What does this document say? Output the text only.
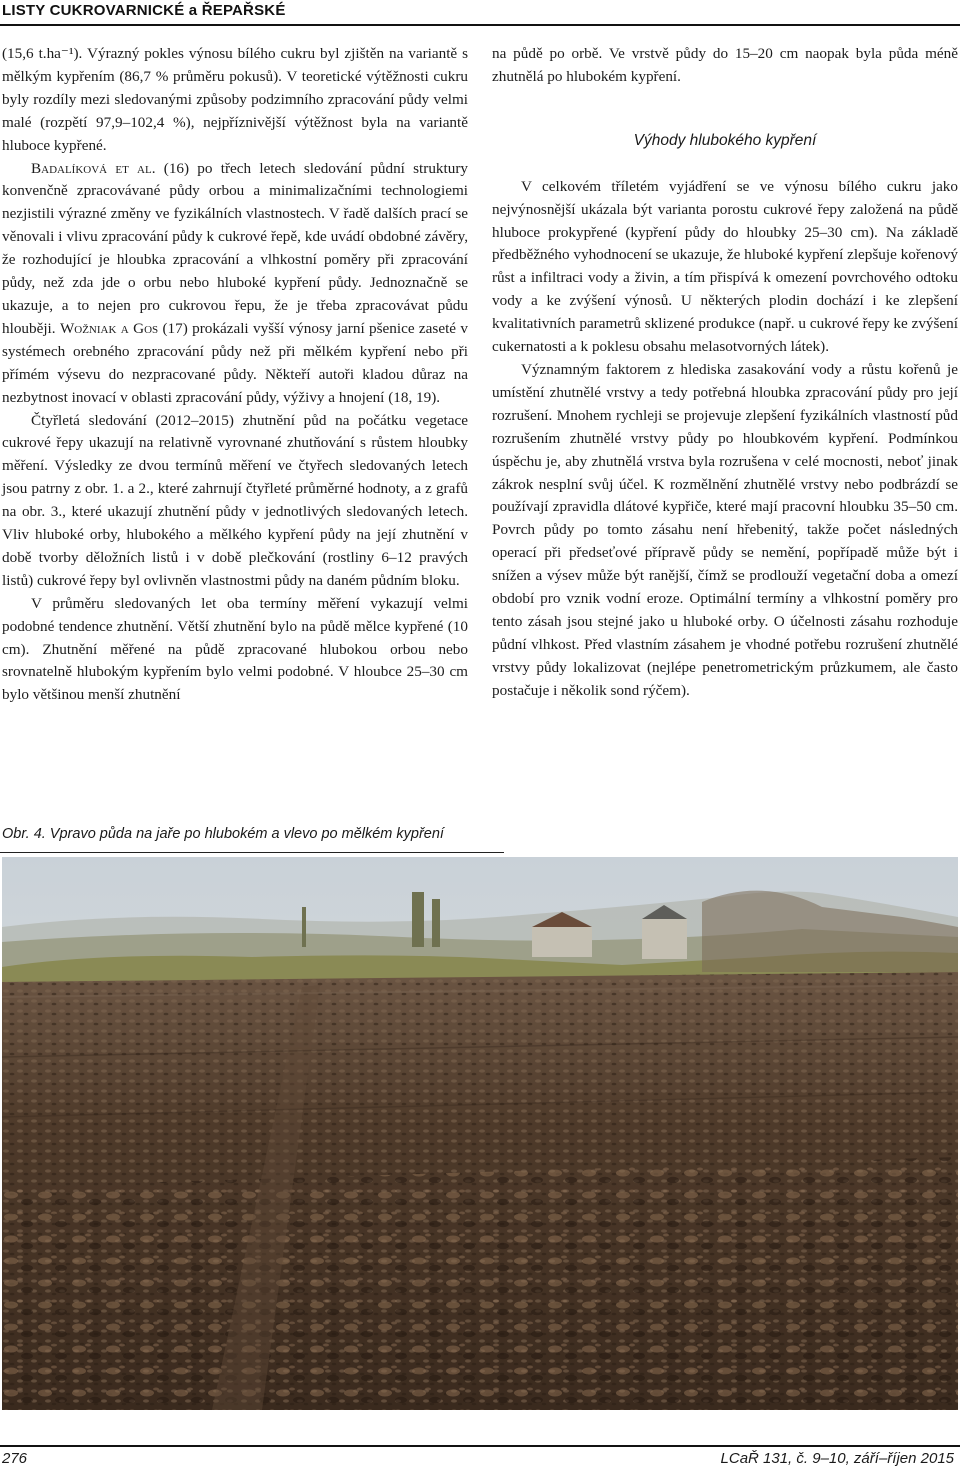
LISTY CUKROVARNICKÉ a ŘEPAŘSKÉ

(15,6 t.ha⁻¹). Výrazný pokles výnosu bílého cukru byl zjištěn na variantě s mělkým kypřením (86,7 % průměru pokusů). V teoretické výtěžnosti cukru byly rozdíly mezi sledovanými způsoby podzimního zpracování půdy velmi malé (rozpětí 97,9–102,4 %), nejpříznivější výtěžnost byla na variantě hluboce kypřené.

Badalíková et al. (16) po třech letech sledování půdní struktury konvenčně zpracovávané půdy orbou a minimalizačními technologiemi nezjistili výrazné změny ve fyzikálních vlastnostech. V řadě dalších prací se věnovali i vlivu zpracování půdy k cukrové řepě, kde uvádí obdobné závěry, že rozhodující je hloubka zpracování a vlhkostní poměry při zpracování půdy, než zda jde o orbu nebo hluboké kypření půdy. Jednoznačně se ukazuje, a to nejen pro cukrovou řepu, že je třeba zpracovávat půdu hlouběji. Wožniak a Gos (17) prokázali vyšší výnosy jarní pšenice zaseté v systémech orebného zpracování půdy než při mělkém kypření nebo při přímém výsevu do nezpracované půdy. Někteří autoři kladou důraz na nezbytnost inovací v oblasti zpracování půdy, výživy a hnojení (18, 19).

Čtyřletá sledování (2012–2015) zhutnění půd na počátku vegetace cukrové řepy ukazují na relativně vyrovnané zhutňování s růstem hloubky měření. Výsledky ze dvou termínů měření ve čtyřech sledovaných letech jsou patrny z obr. 1. a 2., které zahrnují čtyřleté průměrné hodnoty, a z grafů na obr. 3., které ukazují zhutnění půdy v jednotlivých sledovaných letech. Vliv hluboké orby, hlubokého a mělkého kypření půdy na její zhutnění v době tvorby děložních listů i v době plečkování (rostliny 6–12 pravých listů) cukrové řepy byl ovlivněn vlastnostmi půdy na daném půdním bloku.

V průměru sledovaných let oba termíny měření vykazují velmi podobné tendence zhutnění. Větší zhutnění bylo na půdě mělce kypřené (10 cm). Zhutnění měřené na půdě zpracované hlubokou orbou nebo srovnatelně hlubokým kypřením bylo velmi podobné. V hloubce 25–30 cm bylo většinou menší zhutnění

na půdě po orbě. Ve vrstvě půdy do 15–20 cm naopak byla půda méně zhutnělá po hlubokém kypření.

Výhody hlubokého kypření

V celkovém tříletém vyjádření se ve výnosu bílého cukru jako nejvýnosnější ukázala být varianta porostu cukrové řepy založená na půdě hluboce prokypřené (kypření půdy do hloubky 25–30 cm). Na základě předběžného vyhodnocení se ukazuje, že hluboké kypření zlepšuje kořenový růst a infiltraci vody a živin, a tím přispívá k omezení povrchového odtoku vody a ke zvýšení výnosů. U některých plodin dochází i ke zlepšení kvalitativních parametrů sklizené produkce (např. u cukrové řepy ke zvýšení cukernatosti a k poklesu obsahu melasotvorných látek).

Významným faktorem z hlediska zasakování vody a růstu kořenů je umístění zhutnělé vrstvy a tedy potřebná hloubka zpracování půdy pro její rozrušení. Mnohem rychleji se projevuje zlepšení fyzikálních vlastností půd rozrušením zhutnělé vrstvy půdy po hloubkovém kypření. Podmínkou úspěchu je, aby zhutnělá vrstva byla rozrušena v celé mocnosti, neboť jinak zákrok nesplní svůj účel. K rozmělnění zhutnělé vrstvy nebo podbrázdí se používají zpravidla dlátové kypřiče, které mají pracovní hloubku 35–50 cm. Povrch půdy po tomto zásahu není hřebenitý, takže počet následných operací při předseťové přípravě půdy se nemění, popřípadě může být i snížen a výsev může být ranější, čímž se prodlouží vegetační doba a omezí období pro vznik vodní eroze. Optimální termíny a vlhkostní poměry pro tento zásah jsou stejné jako u hluboké orby. O účelnosti zásahu rozhoduje půdní vlhkost. Před vlastním zásahem je vhodné potřebu rozrušení zhutnělé vrstvy půdy lokalizovat (nejlépe penetrometrickým průzkumem, ale často postačuje i několik sond rýčem).

Obr. 4. Vpravo půda na jaře po hlubokém a vlevo po mělkém kypření
276	LCaŘ 131, č. 9–10, září–říjen 2015
